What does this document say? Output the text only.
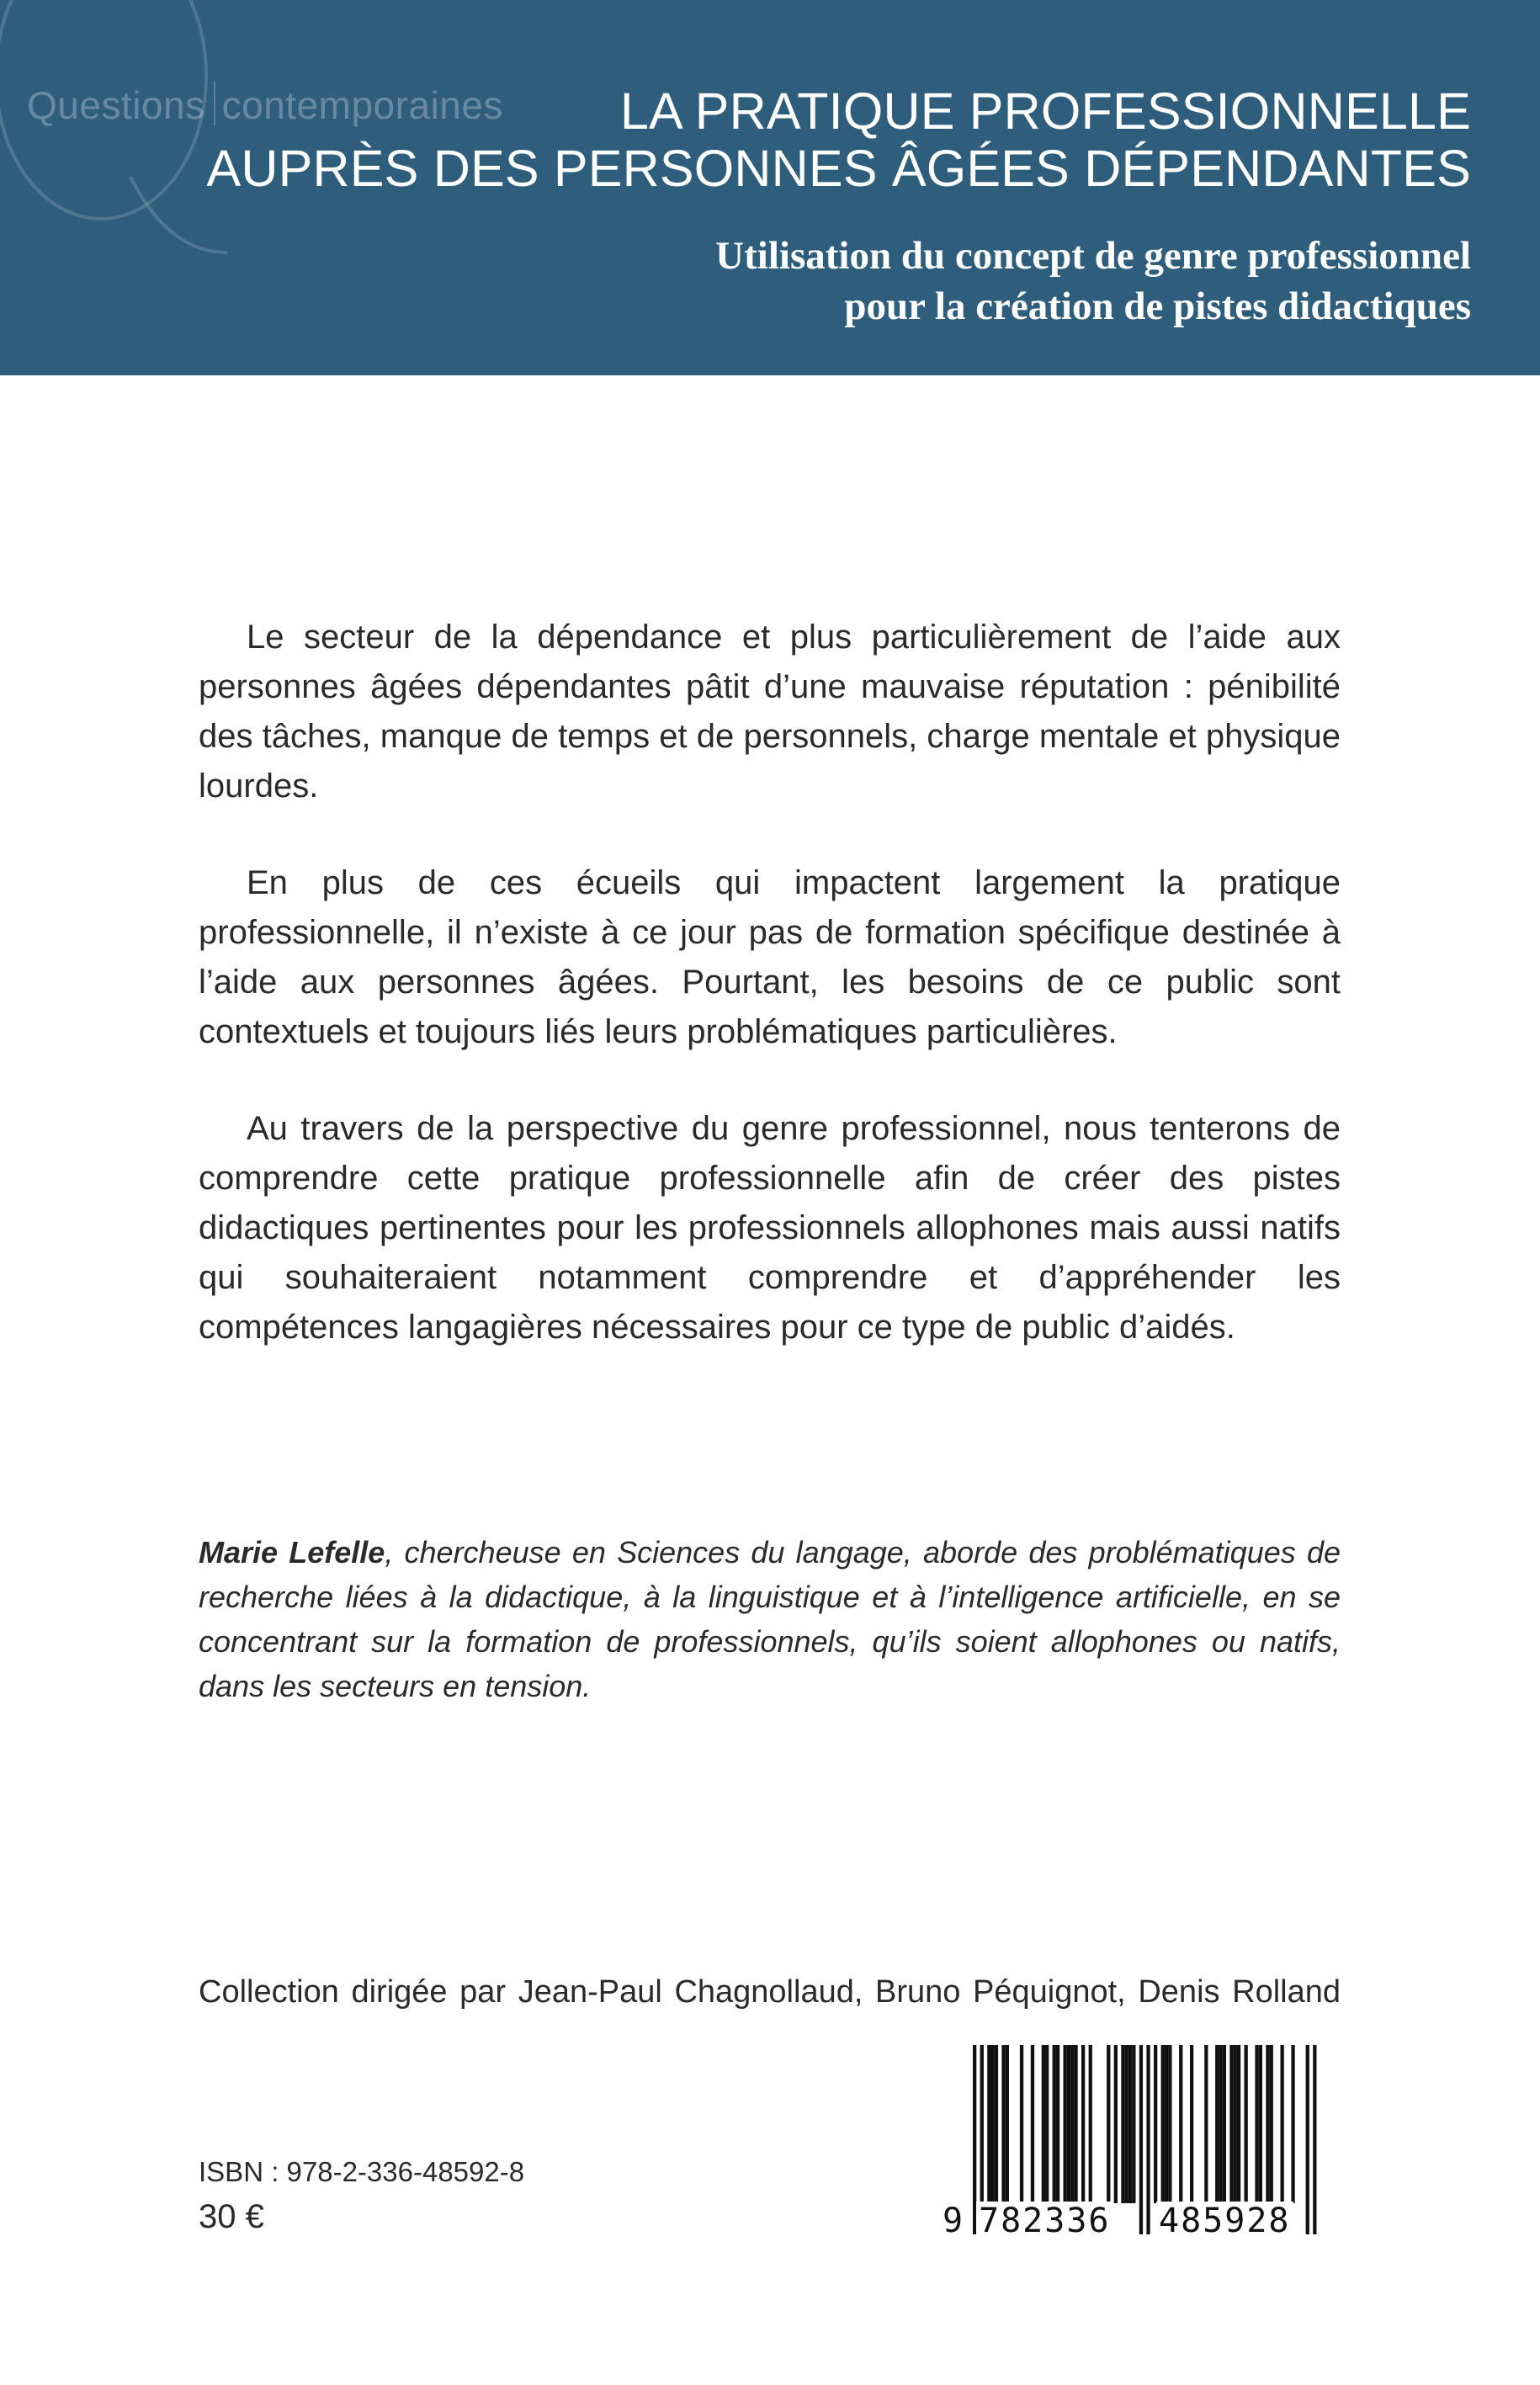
Questions contemporaines	LA PRATIQUE PROFESSIONNELLE
AUPRÈS DES PERSONNES ÂGÉES DÉPENDANTES
Utilisation du concept de genre professionnel
pour la création de pistes didactiques

Le secteur de la dépendance et plus particulièrement de l’aide aux personnes âgées dépendantes pâtit d’une mauvaise réputation : pénibilité des tâches, manque de temps et de personnels, charge mentale et physique lourdes.

En plus de ces écueils qui impactent largement la pratique professionnelle, il n’existe à ce jour pas de formation spécifique destinée à l’aide aux personnes âgées. Pourtant, les besoins de ce public sont contextuels et toujours liés leurs problématiques particulières.

Au travers de la perspective du genre professionnel, nous tenterons de comprendre cette pratique professionnelle afin de créer des pistes didactiques pertinentes pour les professionnels allophones mais aussi natifs qui souhaiteraient notamment comprendre et d’appréhender les compétences langagières nécessaires pour ce type de public d’aidés.

Marie Lefelle, chercheuse en Sciences du langage, aborde des problématiques de recherche liées à la didactique, à la linguistique et à l’intelligence artificielle, en se concentrant sur la formation de professionnels, qu’ils soient allophones ou natifs, dans les secteurs en tension.

Collection dirigée par Jean-Paul Chagnollaud, Bruno Péquignot, Denis Rolland

ISBN : 978-2-336-48592-8

30 €	9 782336 485928
